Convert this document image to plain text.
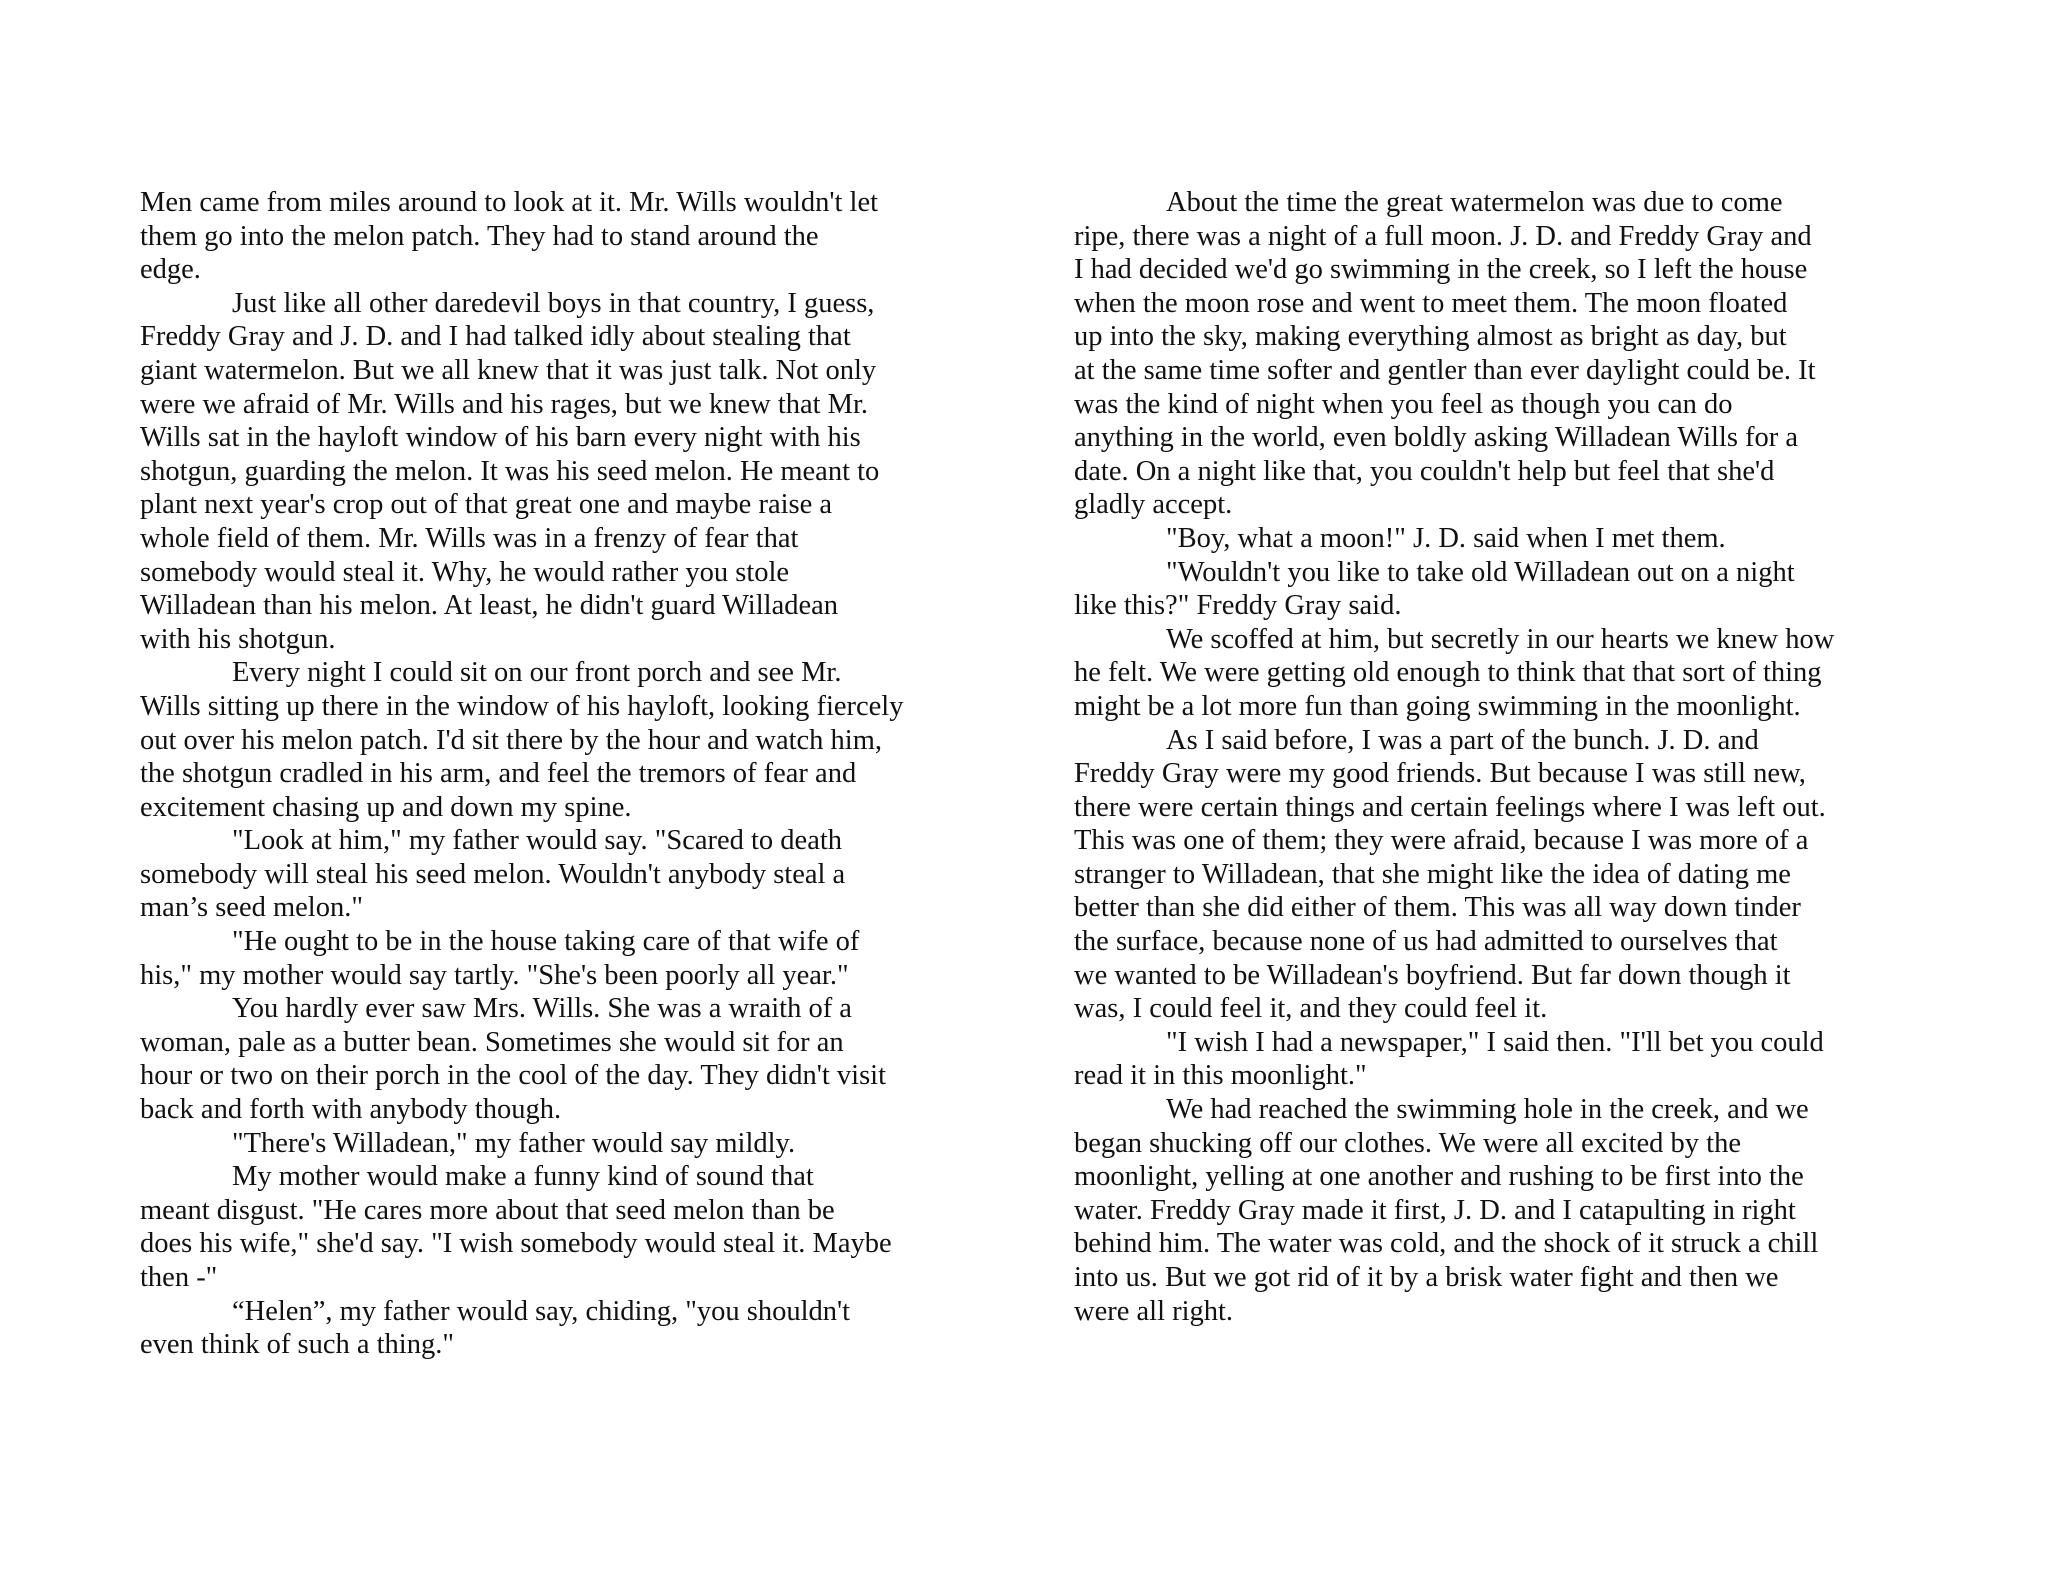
Men came from miles around to look at it. Mr. Wills wouldn't let
them go into the melon patch. They had to stand around the
edge.
Just like all other daredevil boys in that country, I guess,
Freddy Gray and J. D. and I had talked idly about stealing that
giant watermelon. But we all knew that it was just talk. Not only
were we afraid of Mr. Wills and his rages, but we knew that Mr.
Wills sat in the hayloft window of his barn every night with his
shotgun, guarding the melon. It was his seed melon. He meant to
plant next year's crop out of that great one and maybe raise a
whole field of them. Mr. Wills was in a frenzy of fear that
somebody would steal it. Why, he would rather you stole
Willadean than his melon. At least, he didn't guard Willadean
with his shotgun.
Every night I could sit on our front porch and see Mr.
Wills sitting up there in the window of his hayloft, looking fiercely
out over his melon patch. I'd sit there by the hour and watch him,
the shotgun cradled in his arm, and feel the tremors of fear and
excitement chasing up and down my spine.
"Look at him," my father would say. "Scared to death
somebody will steal his seed melon. Wouldn't anybody steal a
man’s seed melon."
"He ought to be in the house taking care of that wife of
his," my mother would say tartly. "She's been poorly all year."
You hardly ever saw Mrs. Wills. She was a wraith of a
woman, pale as a butter bean. Sometimes she would sit for an
hour or two on their porch in the cool of the day. They didn't visit
back and forth with anybody though.
"There's Willadean," my father would say mildly.
My mother would make a funny kind of sound that
meant disgust. "He cares more about that seed melon than be
does his wife," she'd say. "I wish somebody would steal it. Maybe
then -"
“Helen”, my father would say, chiding, "you shouldn't
even think of such a thing."
About the time the great watermelon was due to come
ripe, there was a night of a full moon. J. D. and Freddy Gray and
I had decided we'd go swimming in the creek, so I left the house
when the moon rose and went to meet them. The moon floated
up into the sky, making everything almost as bright as day, but
at the same time softer and gentler than ever daylight could be. It
was the kind of night when you feel as though you can do
anything in the world, even boldly asking Willadean Wills for a
date. On a night like that, you couldn't help but feel that she'd
gladly accept.
"Boy, what a moon!" J. D. said when I met them.
"Wouldn't you like to take old Willadean out on a night
like this?" Freddy Gray said.
We scoffed at him, but secretly in our hearts we knew how
he felt. We were getting old enough to think that that sort of thing
might be a lot more fun than going swimming in the moonlight.
As I said before, I was a part of the bunch. J. D. and
Freddy Gray were my good friends. But because I was still new,
there were certain things and certain feelings where I was left out.
This was one of them; they were afraid, because I was more of a
stranger to Willadean, that she might like the idea of dating me
better than she did either of them. This was all way down tinder
the surface, because none of us had admitted to ourselves that
we wanted to be Willadean's boyfriend. But far down though it
was, I could feel it, and they could feel it.
"I wish I had a newspaper," I said then. "I'll bet you could
read it in this moonlight."
We had reached the swimming hole in the creek, and we
began shucking off our clothes. We were all excited by the
moonlight, yelling at one another and rushing to be first into the
water. Freddy Gray made it first, J. D. and I catapulting in right
behind him. The water was cold, and the shock of it struck a chill
into us. But we got rid of it by a brisk water fight and then we
were all right.
